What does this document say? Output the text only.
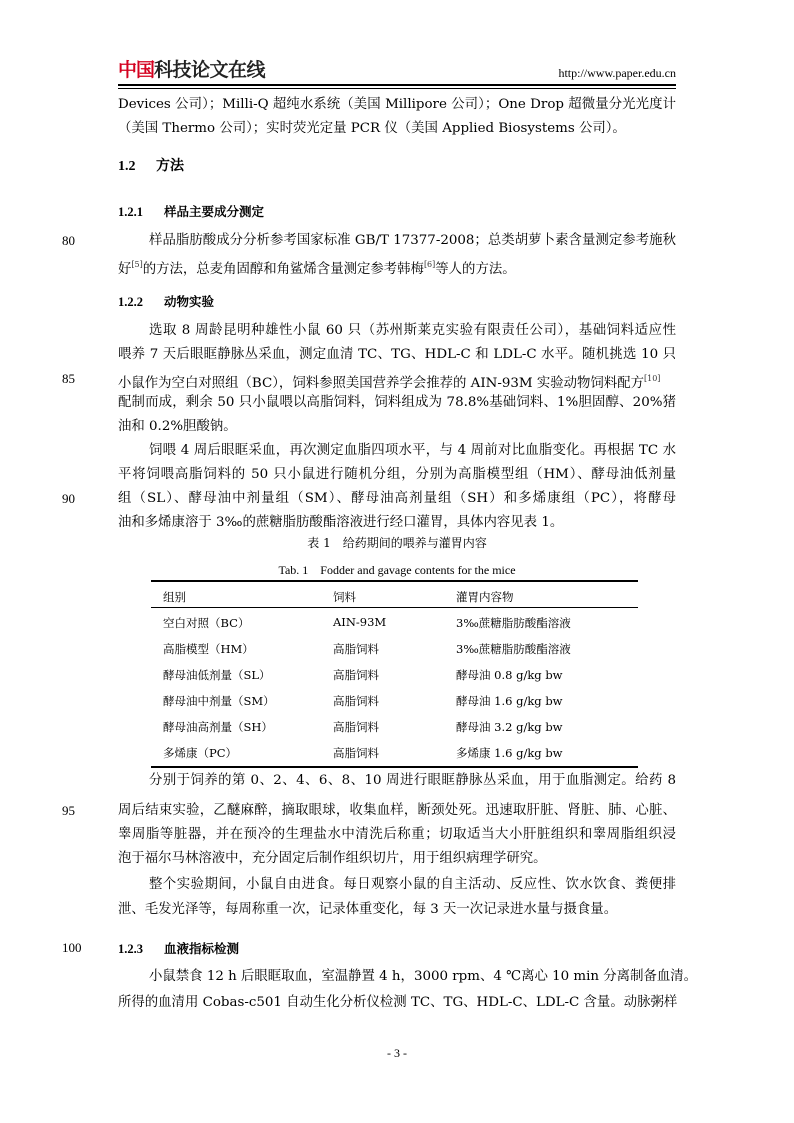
中国 科技论文在线	http://www.paper.edu.cn
Devices 公司）；Milli-Q 超纯水系统（美国 Millipore 公司）；One Drop 超微量分光光度计
（美国 Thermo 公司）；实时荧光定量 PCR 仪（美国 Applied Biosystems 公司）。
1.2 方法
1.2.1 样品主要成分测定
80	样品脂肪酸成分分析参考国家标准 GB/T 17377-2008；总类胡萝卜素含量测定参考施秋
好[5]的方法，总麦角固醇和角鲨烯含量测定参考韩梅[6]等人的方法。
1.2.2 动物实验
选取 8 周龄昆明种雄性小鼠 60 只（苏州斯莱克实验有限责任公司），基础饲料适应性
喂养 7 天后眼眶静脉丛采血，测定血清 TC、TG、HDL-C 和 LDL-C 水平。随机挑选 10 只
85	小鼠作为空白对照组（BC），饲料参照美国营养学会推荐的 AIN-93M 实验动物饲料配方[10]
配制而成，剩余 50 只小鼠喂以高脂饲料，饲料组成为 78.8%基础饲料、1%胆固醇、20%猪
油和 0.2%胆酸钠。
饲喂 4 周后眼眶采血，再次测定血脂四项水平，与 4 周前对比血脂变化。再根据 TC 水
平将饲喂高脂饲料的 50 只小鼠进行随机分组，分别为高脂模型组（HM）、酵母油低剂量
90	组（SL）、酵母油中剂量组（SM）、酵母油高剂量组（SH）和多烯康组（PC），将酵母
油和多烯康溶于 3‰的蔗糖脂肪酸酯溶液进行经口灌胃，具体内容见表 1。
表 1　给药期间的喂养与灌胃内容
Tab. 1　Fodder and gavage contents for the mice
组别	饲料	灌胃内容物
空白对照（BC）	AIN-93M	3‰蔗糖脂肪酸酯溶液
高脂模型（HM）	高脂饲料	3‰蔗糖脂肪酸酯溶液
酵母油低剂量（SL）	高脂饲料	酵母油 0.8 g/kg bw
酵母油中剂量（SM）	高脂饲料	酵母油 1.6 g/kg bw
酵母油高剂量（SH）	高脂饲料	酵母油 3.2 g/kg bw
多烯康（PC）	高脂饲料	多烯康 1.6 g/kg bw
分别于饲养的第 0、2、4、6、8、10 周进行眼眶静脉丛采血，用于血脂测定。给药 8
95	周后结束实验，乙醚麻醉，摘取眼球，收集血样，断颈处死。迅速取肝脏、肾脏、肺、心脏、
睾周脂等脏器，并在预冷的生理盐水中清洗后称重；切取适当大小肝脏组织和睾周脂组织浸
泡于福尔马林溶液中，充分固定后制作组织切片，用于组织病理学研究。
整个实验期间，小鼠自由进食。每日观察小鼠的自主活动、反应性、饮水饮食、粪便排
泄、毛发光泽等，每周称重一次，记录体重变化，每 3 天一次记录进水量与摄食量。
100	1.2.3 血液指标检测
小鼠禁食 12 h 后眼眶取血，室温静置 4 h，3000 rpm、4 ℃离心 10 min 分离制备血清。
所得的血清用 Cobas-c501 自动生化分析仪检测 TC、TG、HDL-C、LDL-C 含量。动脉粥样
- 3 -
